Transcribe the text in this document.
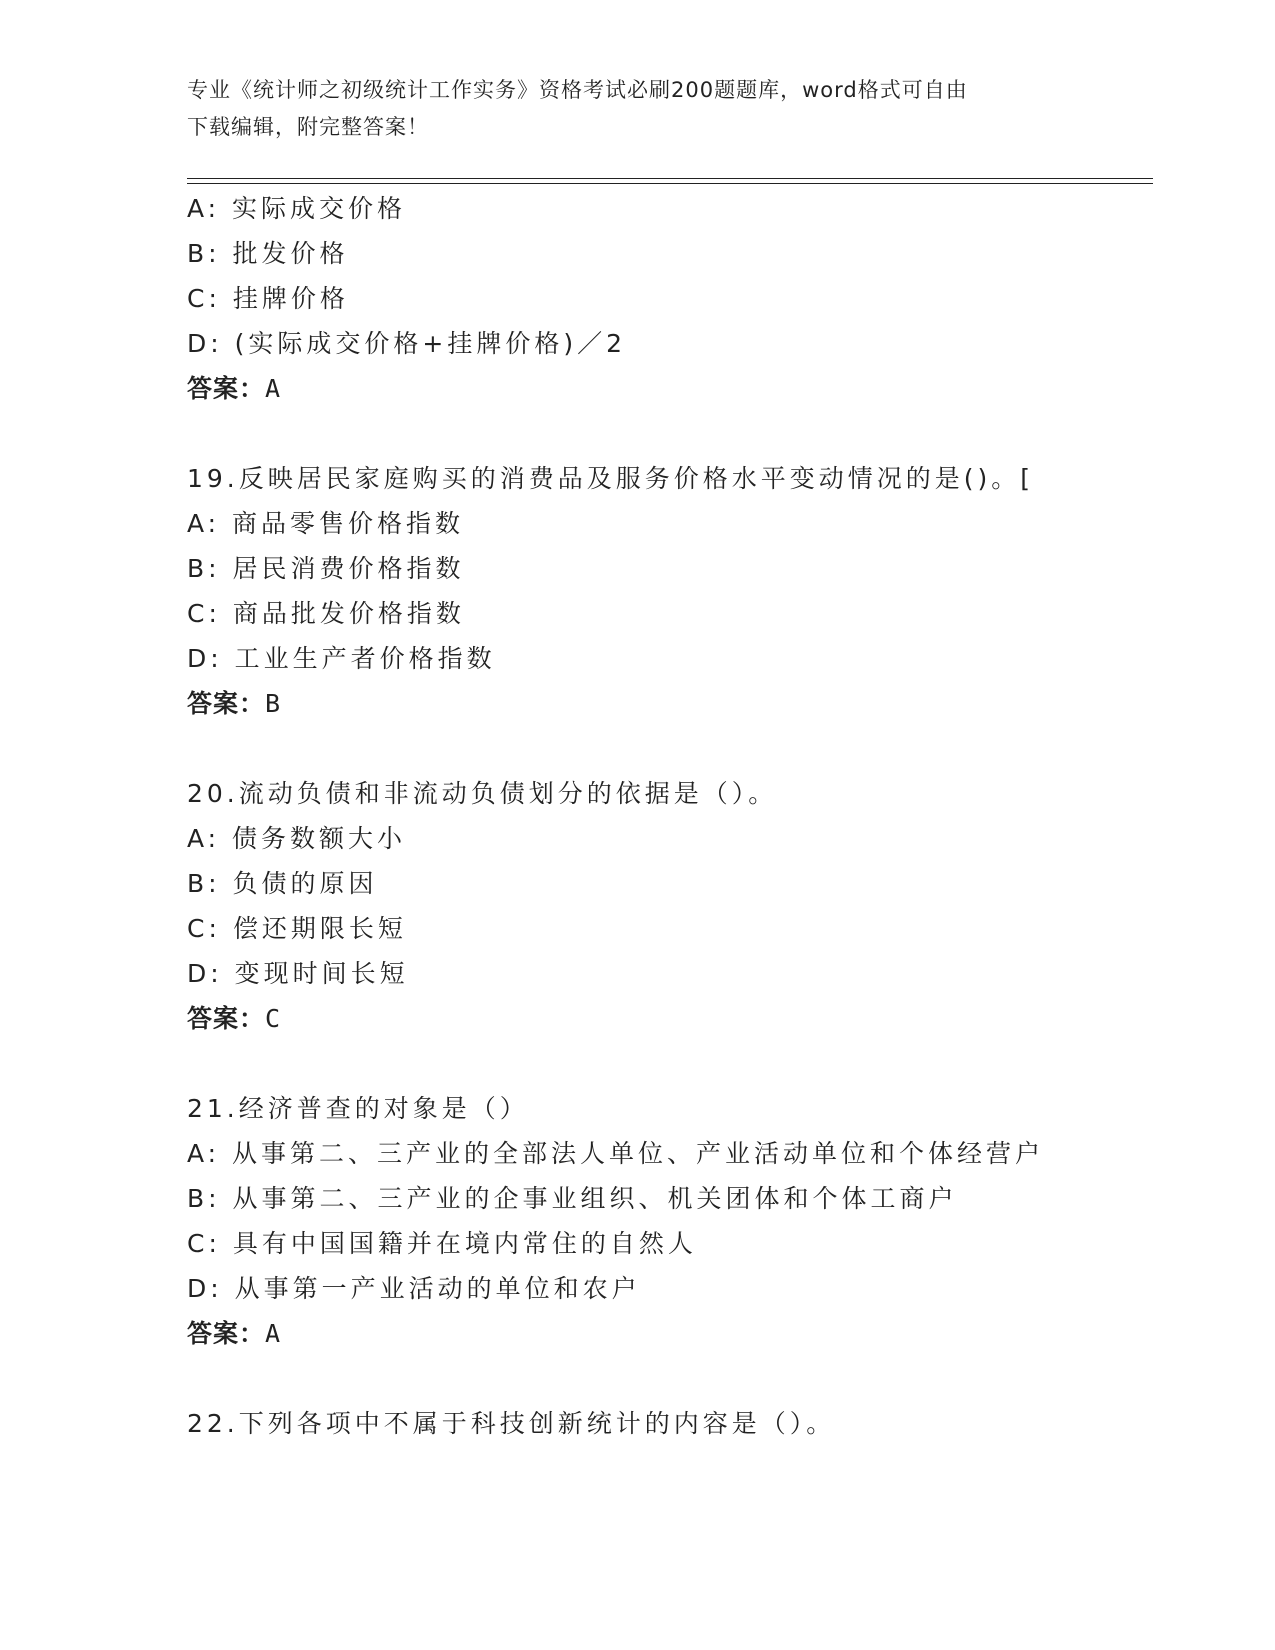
专业《统计师之初级统计工作实务》资格考试必刷200题题库，word格式可自由
下载编辑，附完整答案！
A: 实际成交价格
B: 批发价格
C: 挂牌价格
D: (实际成交价格+挂牌价格)／2
答案：A
19.反映居民家庭购买的消费品及服务价格水平变动情况的是()。[
A: 商品零售价格指数
B: 居民消费价格指数
C: 商品批发价格指数
D: 工业生产者价格指数
答案：B
20.流动负债和非流动负债划分的依据是（）。
A: 债务数额大小
B: 负债的原因
C: 偿还期限长短
D: 变现时间长短
答案：C
21.经济普查的对象是（）
A: 从事第二、三产业的全部法人单位、产业活动单位和个体经营户
B: 从事第二、三产业的企事业组织、机关团体和个体工商户
C: 具有中国国籍并在境内常住的自然人
D: 从事第一产业活动的单位和农户
答案：A
22.下列各项中不属于科技创新统计的内容是（）。
